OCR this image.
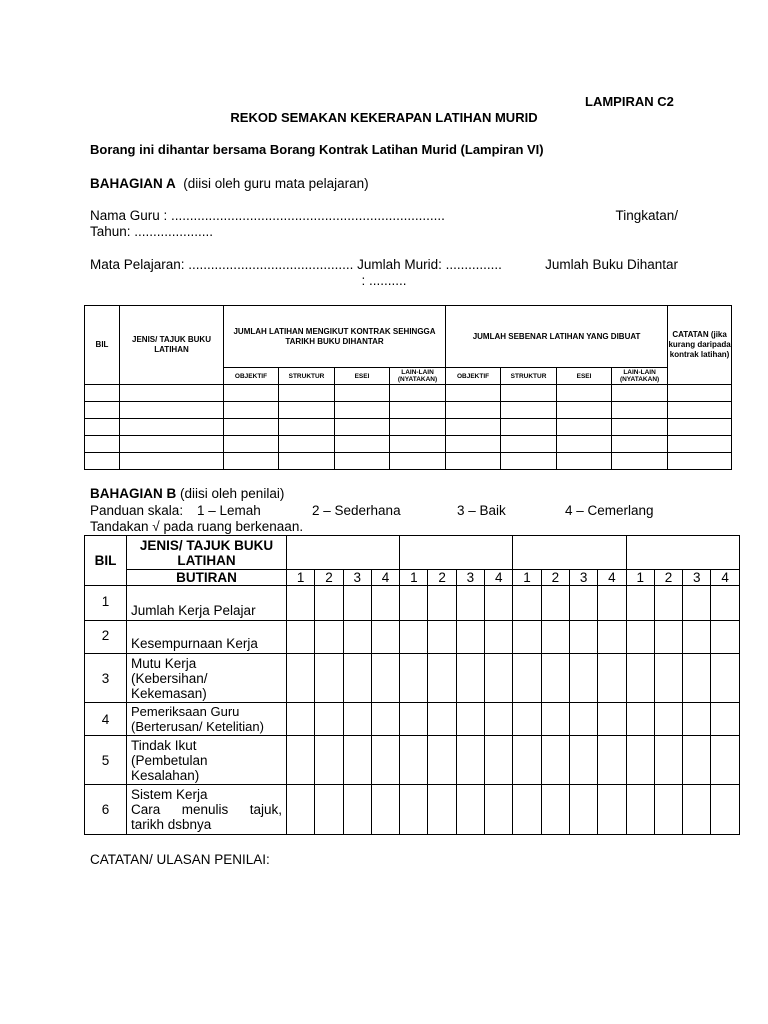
LAMPIRAN C2
REKOD SEMAKAN KEKERAPAN LATIHAN MURID
Borang ini dihantar bersama Borang Kontrak Latihan Murid (Lampiran VI)
BAHAGIAN A (diisi oleh guru mata pelajaran)
Nama Guru : .........................................................................	Tingkatan/
Tahun: .....................
Mata Pelajaran: ............................................ Jumlah Murid: ...............	Jumlah Buku Dihantar
: ..........
BIL	JENIS/ TAJUK BUKU LATIHAN	JUMLAH LATIHAN MENGIKUT KONTRAK SEHINGGA TARIKH BUKU DIHANTAR				JUMLAH SEBENAR LATIHAN YANG DIBUAT				CATATAN (jika kurang daripada kontrak latihan)
		OBJEKTIF	STRUKTUR	ESEI	LAIN-LAIN (NYATAKAN)	OBJEKTIF	STRUKTUR	ESEI	LAIN-LAIN (NYATAKAN)	

BAHAGIAN B (diisi oleh penilai)
Panduan skala: 1 – Lemah	2 – Sederhana	3 – Baik	4 – Cemerlang
Tandakan √ pada ruang berkenaan.
BIL	JENIS/ TAJUK BUKU LATIHAN																
	BUTIRAN	1	2	3	4	1	2	3	4	1	2	3	4	1	2	3	4
1	Jumlah Kerja Pelajar																
2	Kesempurnaan Kerja																
3	Mutu Kerja (Kebersihan/ Kekemasan)																
4	Pemeriksaan Guru (Berterusan/ Ketelitian)																
5	Tindak Ikut (Pembetulan Kesalahan)																
6	Sistem Kerja
Cara menulis tajuk, tarikh dsbnya																

CATATAN/ ULASAN PENILAI:
